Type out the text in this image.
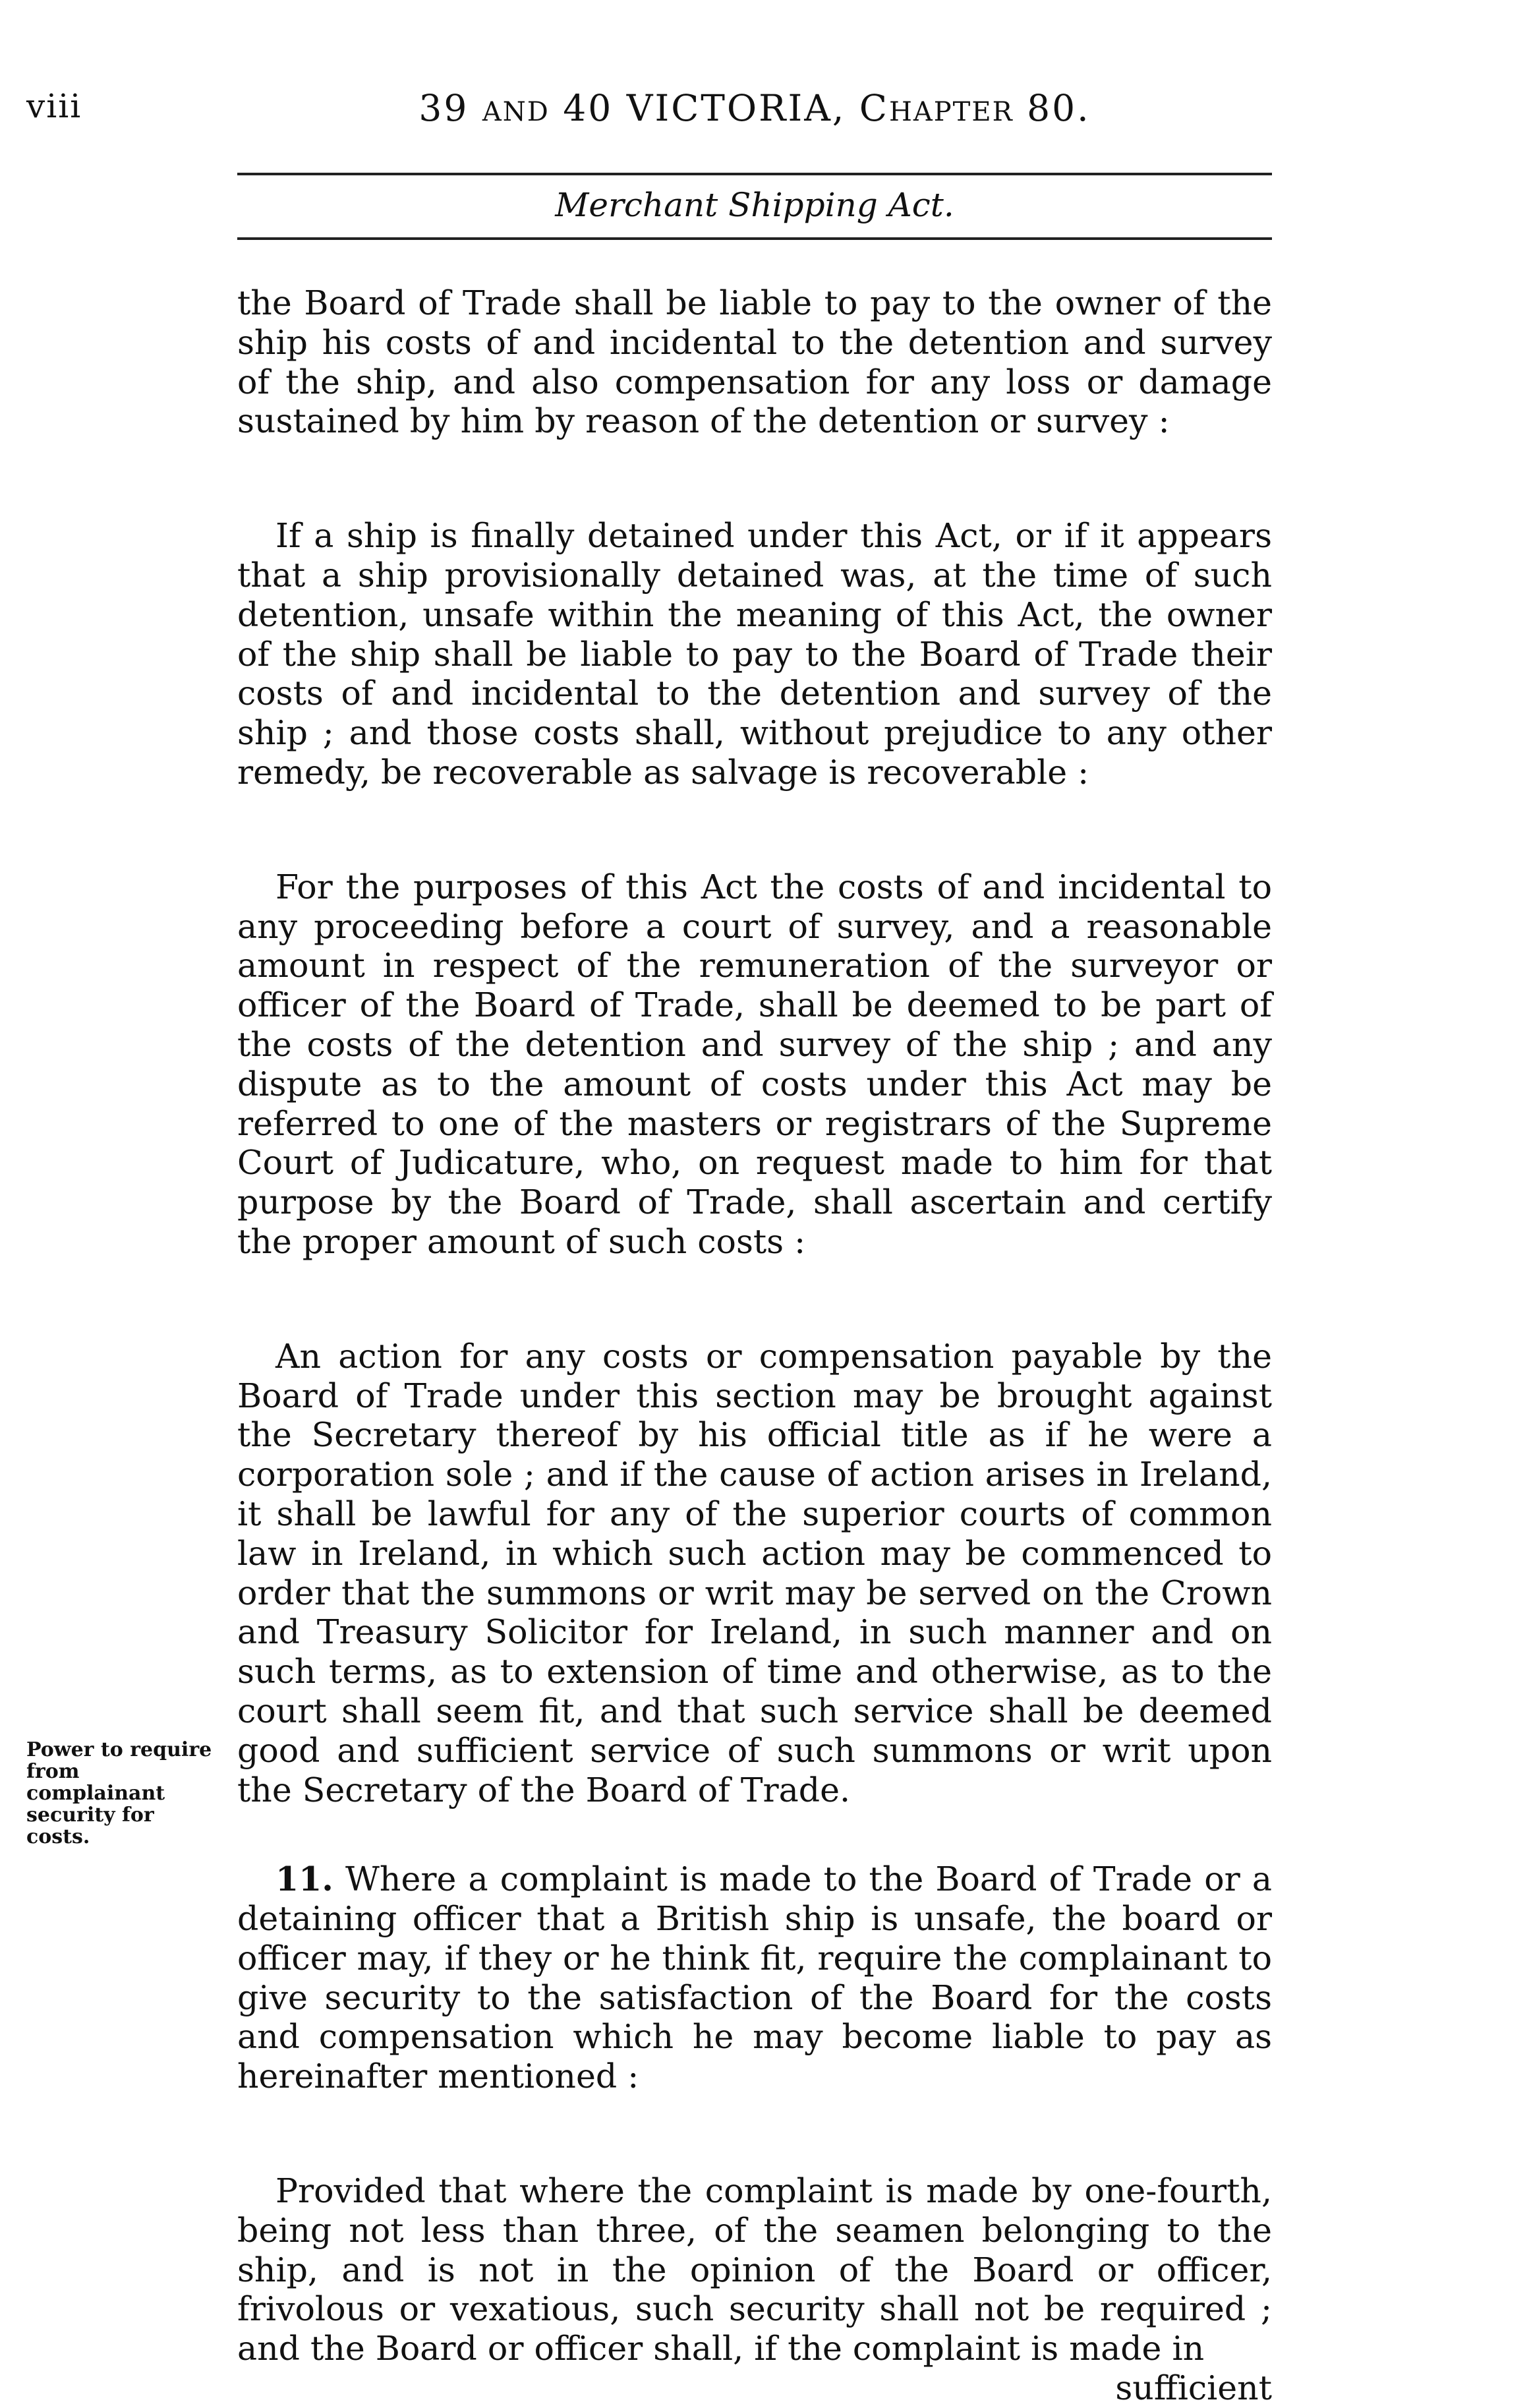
viii	39 AND 40 VICTORIA, CHAPTER 80.
Merchant Shipping Act.

the Board of Trade shall be liable to pay to the owner of the ship his costs of and incidental to the detention and survey of the ship, and also compensation for any loss or damage sustained by him by reason of the detention or survey :

If a ship is finally detained under this Act, or if it appears that a ship provisionally detained was, at the time of such detention, unsafe within the meaning of this Act, the owner of the ship shall be liable to pay to the Board of Trade their costs of and incidental to the detention and survey of the ship ; and those costs shall, without prejudice to any other remedy, be recoverable as salvage is recoverable :

For the purposes of this Act the costs of and incidental to any proceeding before a court of survey, and a reasonable amount in respect of the remuneration of the surveyor or officer of the Board of Trade, shall be deemed to be part of the costs of the detention and survey of the ship ; and any dispute as to the amount of costs under this Act may be referred to one of the masters or registrars of the Supreme Court of Judicature, who, on request made to him for that purpose by the Board of Trade, shall ascertain and certify the proper amount of such costs :

An action for any costs or compensation payable by the Board of Trade under this section may be brought against the Secretary thereof by his official title as if he were a corporation sole ; and if the cause of action arises in Ireland, it shall be lawful for any of the superior courts of common law in Ireland, in which such action may be commenced to order that the summons or writ may be served on the Crown and Treasury Solicitor for Ireland, in such manner and on such terms, as to extension of time and otherwise, as to the court shall seem fit, and that such service shall be deemed good and sufficient service of such summons or writ upon the Secretary of the Board of Trade.

11. Where a complaint is made to the Board of Trade or a detaining officer that a British ship is unsafe, the board or officer may, if they or he think fit, require the complainant to give security to the satisfaction of the Board for the costs and compensation which he may become liable to pay as hereinafter mentioned :

Provided that where the complaint is made by one-fourth, being not less than three, of the seamen belonging to the ship, and is not in the opinion of the Board or officer, frivolous or vexatious, such security shall not be required ; and the Board or officer shall, if the complaint is made in

sufficient

Power to require from complainant security for costs.
